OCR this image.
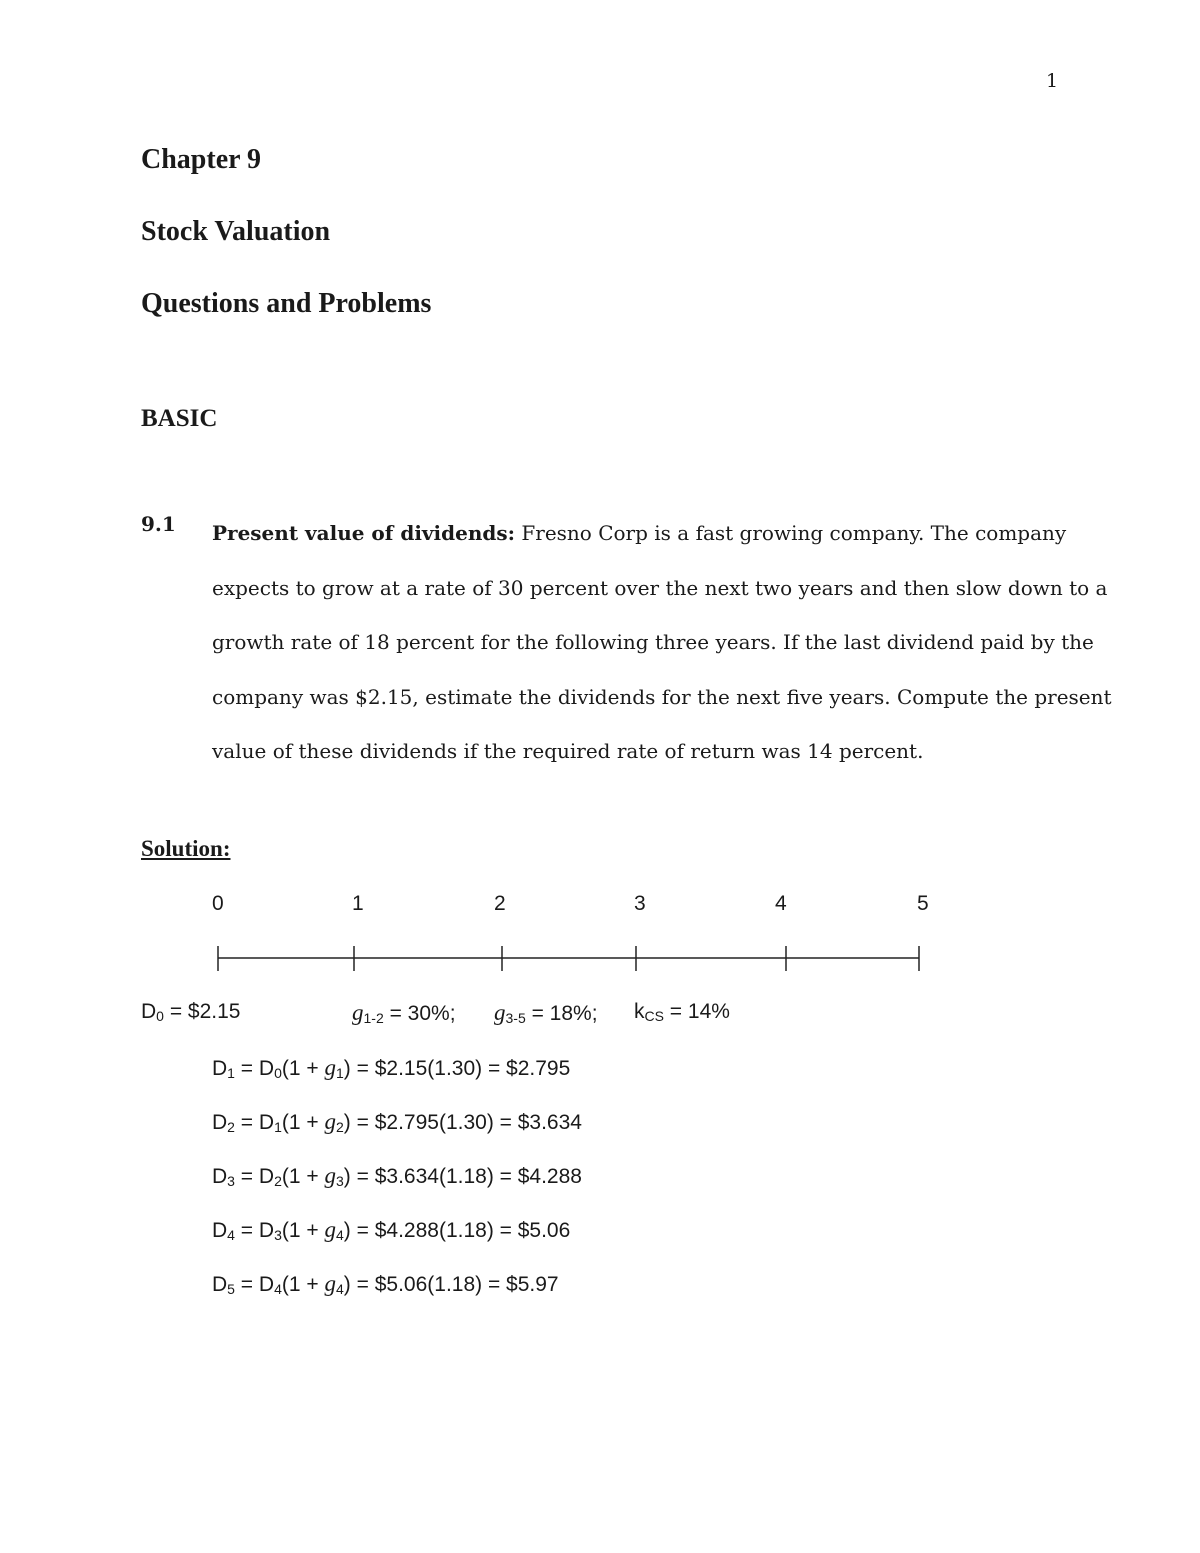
1
Chapter 9
Stock Valuation
Questions and Problems
BASIC
9.1 Present value of dividends: Fresno Corp is a fast growing company. The company
expects to grow at a rate of 30 percent over the next two years and then slow down to a
growth rate of 18 percent for the following three years. If the last dividend paid by the
company was $2.15, estimate the dividends for the next five years. Compute the present
value of these dividends if the required rate of return was 14 percent.
Solution:
0	1	2	3	4	5
$D_0$ = $2.15	$g_{1-2} = 30\%$; $g_{3-5} = 18\%$; $k_{CS} = 14\%$
$D_1 = D_0(1 + g_1)$ = $2.15(1.30) = $2.795
$D_2 = D_1(1 + g_2)$ = $2.795(1.30) = $3.634
$D_3 = D_2(1 + g_3)$ = $3.634(1.18) = $4.288
$D_4 = D_3(1 + g_4)$ = $4.288(1.18) = $5.06
$D_5 = D_4(1 + g_4)$ = $5.06(1.18) = $5.97
